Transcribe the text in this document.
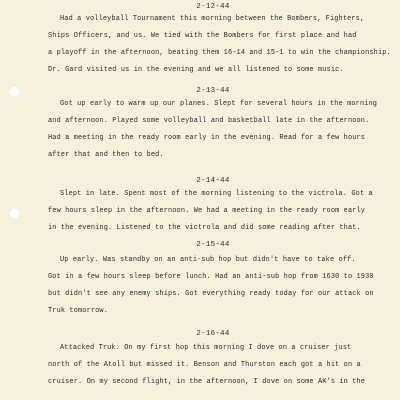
2-12-44

Had a volleyball Tournament this morning between the Bombers, Fighters,
Ships Officers, and us. We tied with the Bombers for first place and had
a playoff in the afternoon, beating them 16-14 and 15-1 to win the championship.
Dr. Gard visited us in the evening and we all listened to some music.

2-13-44

Got up early to warm up our planes. Slept for several hours in the morning
and afternoon. Played some volleyball and basketball late in the afternoon.
Had a meeting in the ready room early in the evening. Read for a few hours
after that and then to bed.

2-14-44

Slept in late. Spent most of the morning listening to the victrola. Got a
few hours sleep in the afternoon. We had a meeting in the ready room early
in the evening. Listened to the victrola and did some reading after that.

2-15-44

Up early. Was standby on an anti-sub hop but didn't have to take off.
Got in a few hours sleep before lunch. Had an anti-sub hop from 1630 to 1930
but didn't see any enemy ships. Got everything ready today for our attack on
Truk tomorrow.

2-16-44

Attacked Truk. On my first hop this morning I dove on a cruiser just
north of the Atoll but missed it. Benson and Thurston each got a hit on a
cruiser. On my second flight, in the afternoon, I dove on some AK's in the
